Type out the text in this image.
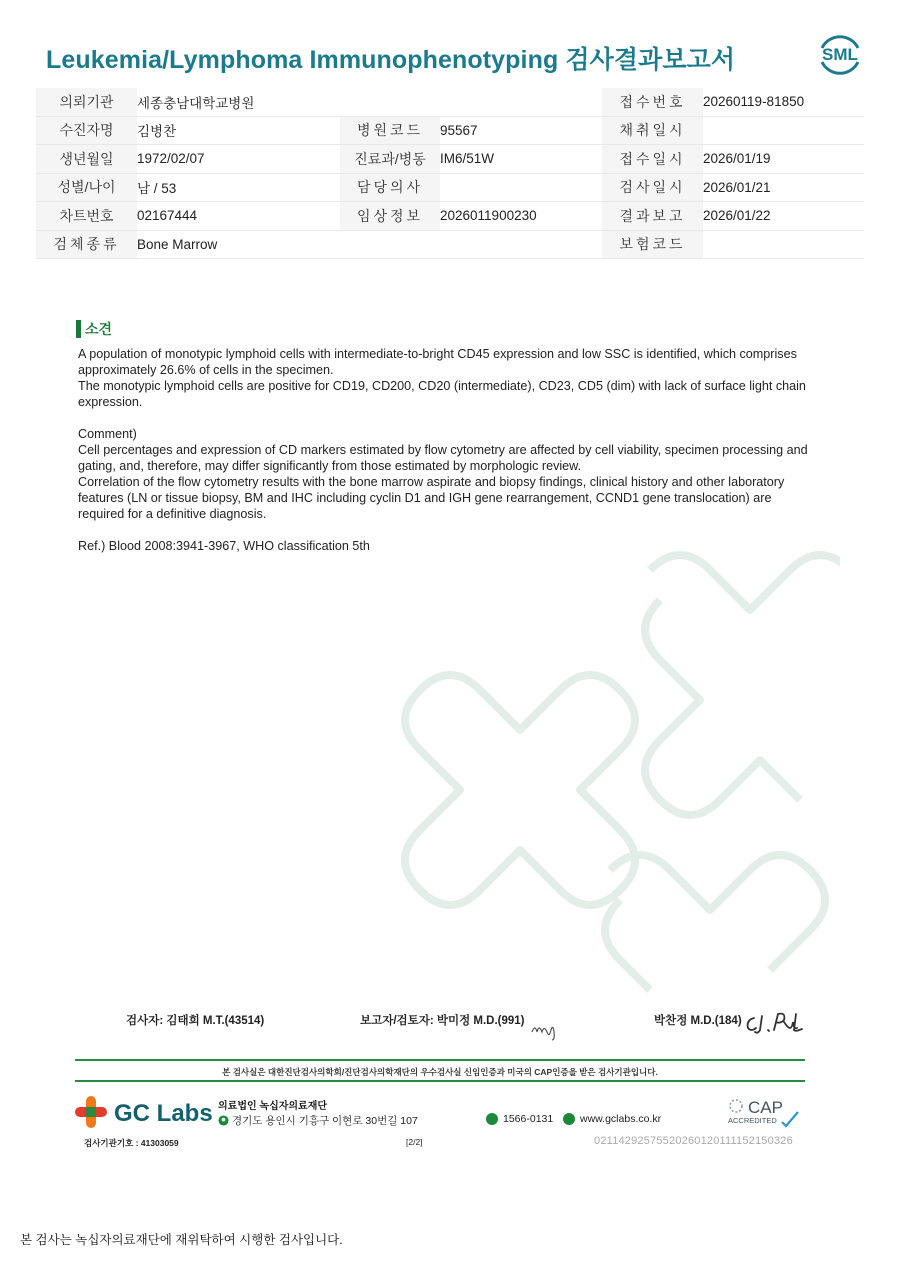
Leukemia/Lymphoma Immunophenotyping 검사결과보고서	SML
의뢰기관	세종충남대학교병원			접수번호	20260119-81850
수진자명	김병찬	병원코드	95567	채취일시	
생년월일	1972/02/07	진료과/병동	IM6/51W	접수일시	2026/01/19
성별/나이	남 / 53	담당의사		검사일시	2026/01/21
차트번호	02167444	임상정보	2026011900230	결과보고	2026/01/22
검체종류	Bone Marrow			보험코드	
소견

A population of monotypic lymphoid cells with intermediate-to-bright CD45 expression and low SSC is identified, which comprises approximately 26.6% of cells in the specimen.

The monotypic lymphoid cells are positive for CD19, CD200, CD20 (intermediate), CD23, CD5 (dim) with lack of surface light chain expression.

Comment)

Cell percentages and expression of CD markers estimated by flow cytometry are affected by cell viability, specimen processing and gating, and, therefore, may differ significantly from those estimated by morphologic review.

Correlation of the flow cytometry results with the bone marrow aspirate and biopsy findings, clinical history and other laboratory features (LN or tissue biopsy, BM and IHC including cyclin D1 and IGH gene rearrangement, CCND1 gene translocation) are required for a definitive diagnosis.

Ref.) Blood 2008:3941-3967, WHO classification 5th

검사자: 김태희 M.T.(43514)	보고자/검토자: 박미정 M.D.(991)	박찬정 M.D.(184)
본 검사실은 대한진단검사의학회/진단검사의학재단의 우수검사실 신임인증과 미국의 CAP인증을 받은 검사기관입니다.
GC Labs 의료법인 녹십자의료재단
경기도 용인시 기흥구 이현로 30번길 107	1566-0131	www.gclabs.co.kr
CAP
ACCREDITED
검사기관기호 : 41303059	[2/2]	02114292575520260120111152150326
본 검사는 녹십자의료재단에 재위탁하여 시행한 검사입니다.
